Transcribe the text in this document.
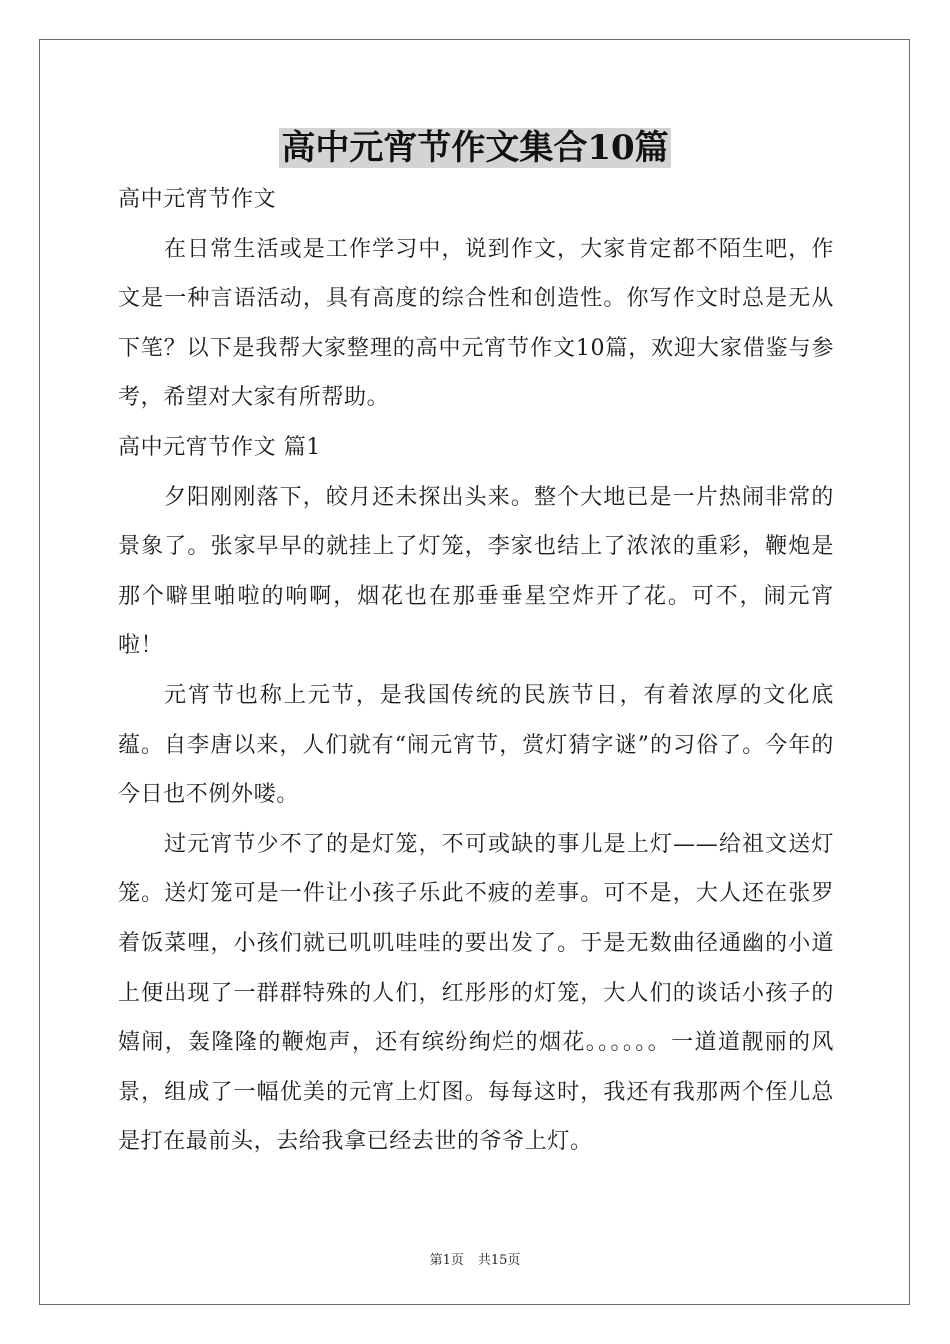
高中元宵节作文集合10篇

高中元宵节作文

在日常生活或是工作学习中，说到作文，大家肯定都不陌生吧，作文是一种言语活动，具有高度的综合性和创造性。你写作文时总是无从下笔？以下是我帮大家整理的高中元宵节作文10篇，欢迎大家借鉴与参考，希望对大家有所帮助。

高中元宵节作文 篇1

夕阳刚刚落下，皎月还未探出头来。整个大地已是一片热闹非常的景象了。张家早早的就挂上了灯笼，李家也结上了浓浓的重彩，鞭炮是那个噼里啪啦的响啊，烟花也在那垂垂星空炸开了花。可不，闹元宵啦！

元宵节也称上元节，是我国传统的民族节日，有着浓厚的文化底蕴。自李唐以来，人们就有“闹元宵节，赏灯猜字谜”的习俗了。今年的今日也不例外喽。

过元宵节少不了的是灯笼，不可或缺的事儿是上灯——给祖文送灯笼。送灯笼可是一件让小孩子乐此不疲的差事。可不是，大人还在张罗着饭菜哩，小孩们就已叽叽哇哇的要出发了。于是无数曲径通幽的小道上便出现了一群群特殊的人们，红彤彤的灯笼，大人们的谈话小孩子的嬉闹，轰隆隆的鞭炮声，还有缤纷绚烂的烟花。。。。。。一道道靓丽的风景，组成了一幅优美的元宵上灯图。每每这时，我还有我那两个侄儿总是打在最前头，去给我拿已经去世的爷爷上灯。

第1页 共15页
